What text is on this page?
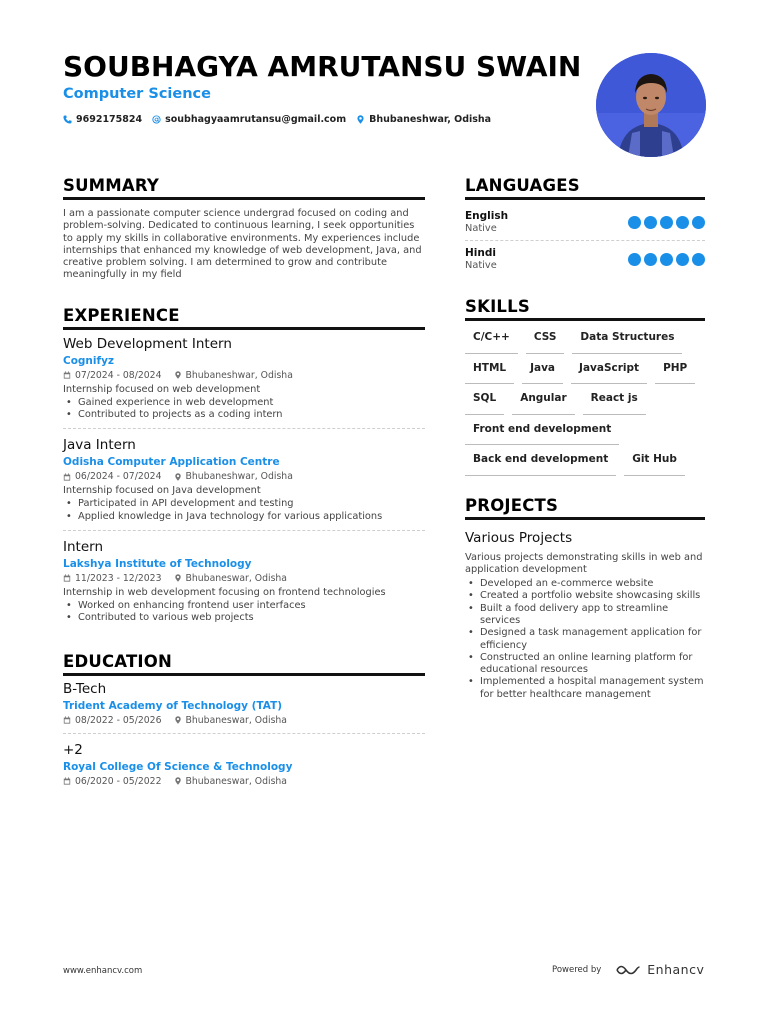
SOUBHAGYA AMRUTANSU SWAIN
Computer Science
9692175824 soubhagyaamrutansu@gmail.com Bhubaneshwar, Odisha
SUMMARY
I am a passionate computer science undergrad focused on coding and problem-solving. Dedicated to continuous learning, I seek opportunities to apply my skills in collaborative environments. My experiences include internships that enhanced my knowledge of web development, Java, and creative problem solving. I am determined to grow and contribute meaningfully in my field
EXPERIENCE
Web Development Intern
Cognifyz
07/2024 - 08/2024	Bhubaneshwar, Odisha
Internship focused on web development
• Gained experience in web development
• Contributed to projects as a coding intern
Java Intern
Odisha Computer Application Centre
06/2024 - 07/2024	Bhubaneshwar, Odisha
Internship focused on Java development
• Participated in API development and testing
• Applied knowledge in Java technology for various applications
Intern
Lakshya Institute of Technology
11/2023 - 12/2023	Bhubaneswar, Odisha
Internship in web development focusing on frontend technologies
• Worked on enhancing frontend user interfaces
• Contributed to various web projects
EDUCATION
B-Tech
Trident Academy of Technology (TAT)
08/2022 - 05/2026	Bhubaneswar, Odisha
+2
Royal College Of Science & Technology
06/2020 - 05/2022	Bhubaneswar, Odisha
LANGUAGES
English
Native
Hindi
Native
SKILLS
C/C++	CSS	Data Structures
HTML	Java	JavaScript	PHP
SQL	Angular	React js
Front end development
Back end development	Git Hub
PROJECTS
Various Projects
Various projects demonstrating skills in web and application development
• Developed an e-commerce website
• Created a portfolio website showcasing skills
• Built a food delivery app to streamline services
• Designed a task management application for efficiency
• Constructed an online learning platform for educational resources
• Implemented a hospital management system for better healthcare management
www.enhancv.com	Powered by	Enhancv
